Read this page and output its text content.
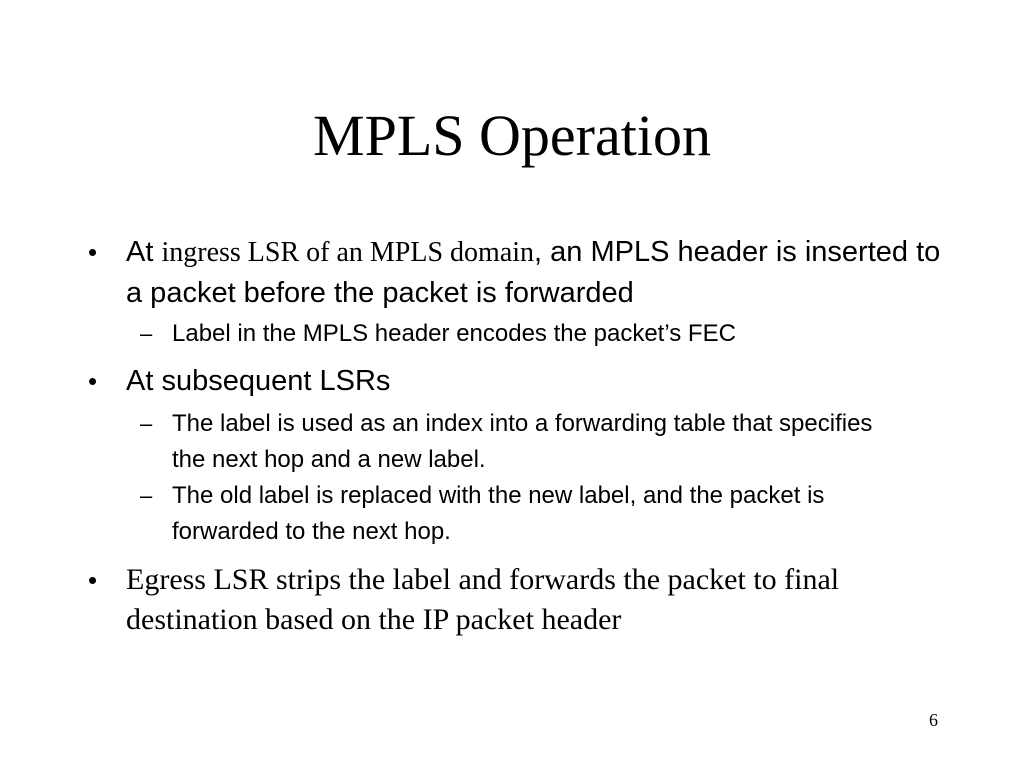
MPLS Operation
• At ingress LSR of an MPLS domain, an MPLS header is inserted to a packet before the packet is forwarded
– Label in the MPLS header encodes the packet’s FEC
• At subsequent LSRs
– The label is used as an index into a forwarding table that specifies the next hop and a new label.
– The old label is replaced with the new label, and the packet is forwarded to the next hop.
• Egress LSR strips the label and forwards the packet to final destination based on the IP packet header
6
